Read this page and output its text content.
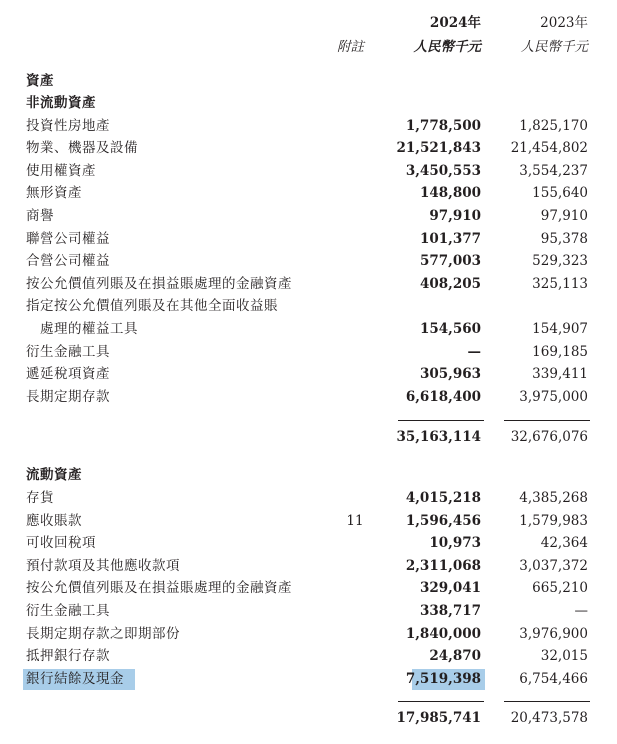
2024年	2023年
附註	人民幣千元	人民幣千元
資產
非流動資產
投資性房地產	1,778,500	1,825,170
物業、機器及設備	21,521,843 21,454,802
使用權資產	3,450,553	3,554,237
無形資產	148,800	155,640
商譽	97,910	97,910
聯營公司權益	101,377	95,378
合營公司權益	577,003	529,323
按公允價值列賬及在損益賬處理的金融資產	408,205	325,113
指定按公允價值列賬及在其他全面收益賬
處理的權益工具	154,560	154,907
衍生金融工具	—	169,185
遞延稅項資產	305,963	339,411
長期定期存款	6,618,400	3,975,000
35,163,114 32,676,076
流動資產
存貨	4,015,218	4,385,268
應收賬款	11	1,596,456	1,579,983
可收回稅項	10,973	42,364
預付款項及其他應收款項	2,311,068	3,037,372
按公允價值列賬及在損益賬處理的金融資產	329,041	665,210
衍生金融工具	338,717	—
長期定期存款之即期部份	1,840,000	3,976,900
抵押銀行存款	24,870	32,015
銀行結餘及現金	7,519,398	6,754,466
17,985,741 20,473,578
